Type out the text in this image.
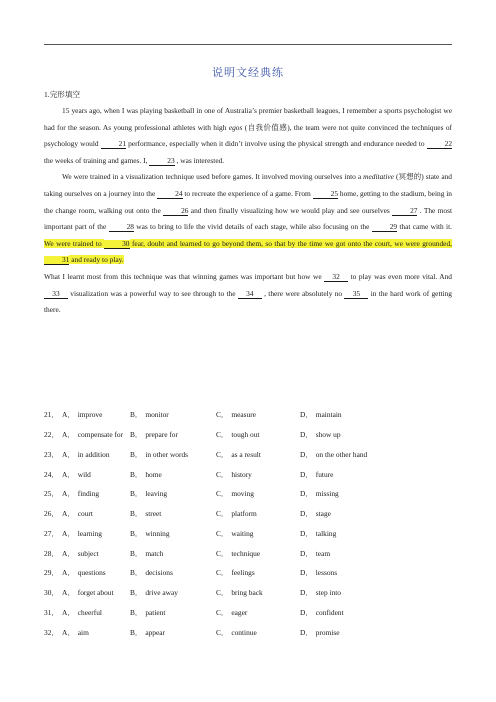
说明文经典练
1.完形填空

15 years ago, when I was playing basketball in one of Australia’s premier basketball leagues, I remember a sports psychologist we had for the season. As young professional athletes with high egos (自我价值感), the team were not quite convinced the techniques of psychology would 21 performance, especially when it didn’t involve using the physical strength and endurance needed to 22 the weeks of training and games. I, 23 , was interested.

We were trained in a visualization technique used before games. It involved moving ourselves into a meditative (冥想的) state and taking ourselves on a journey into the 24 to recreate the experience of a game. From 25 home, getting to the stadium, being in the change room, walking out onto the 26 and then finally visualizing how we would play and see ourselves 27 . The most important part of the 28 was to bring to life the vivid details of each stage, while also focusing on the 29 that came with it. We were trained to 30 fear, doubt and learned to go beyond them, so that by the time we got onto the court, we were grounded, 31 and ready to play.

What I learnt most from this technique was that winning games was important but how we 32 to play was even more vital. And 33 visualization was a powerful way to see through to the 34 , there were absolutely no 35 in the hard work of getting there.

21． A． improve	B． monitor	C． measure	D． maintain
22． A． compensate for B． prepare for	C． tough out	D． show up
23． A． in addition	B． in other words	C． as a result	D． on the other hand
24． A． wild	B． home	C． history	D． future
25． A． finding	B． leaving	C． moving	D． missing
26． A． court	B． street	C． platform	D． stage
27． A． learning	B． winning	C． waiting	D． talking
28． A． subject	B． match	C． technique	D． team
29． A． questions	B． decisions	C． feelings	D． lessons
30． A． forget about	B． drive away	C． bring back	D． step into
31． A． cheerful	B． patient	C． eager	D． confident
32． A． aim	B． appear	C． continue	D． promise
